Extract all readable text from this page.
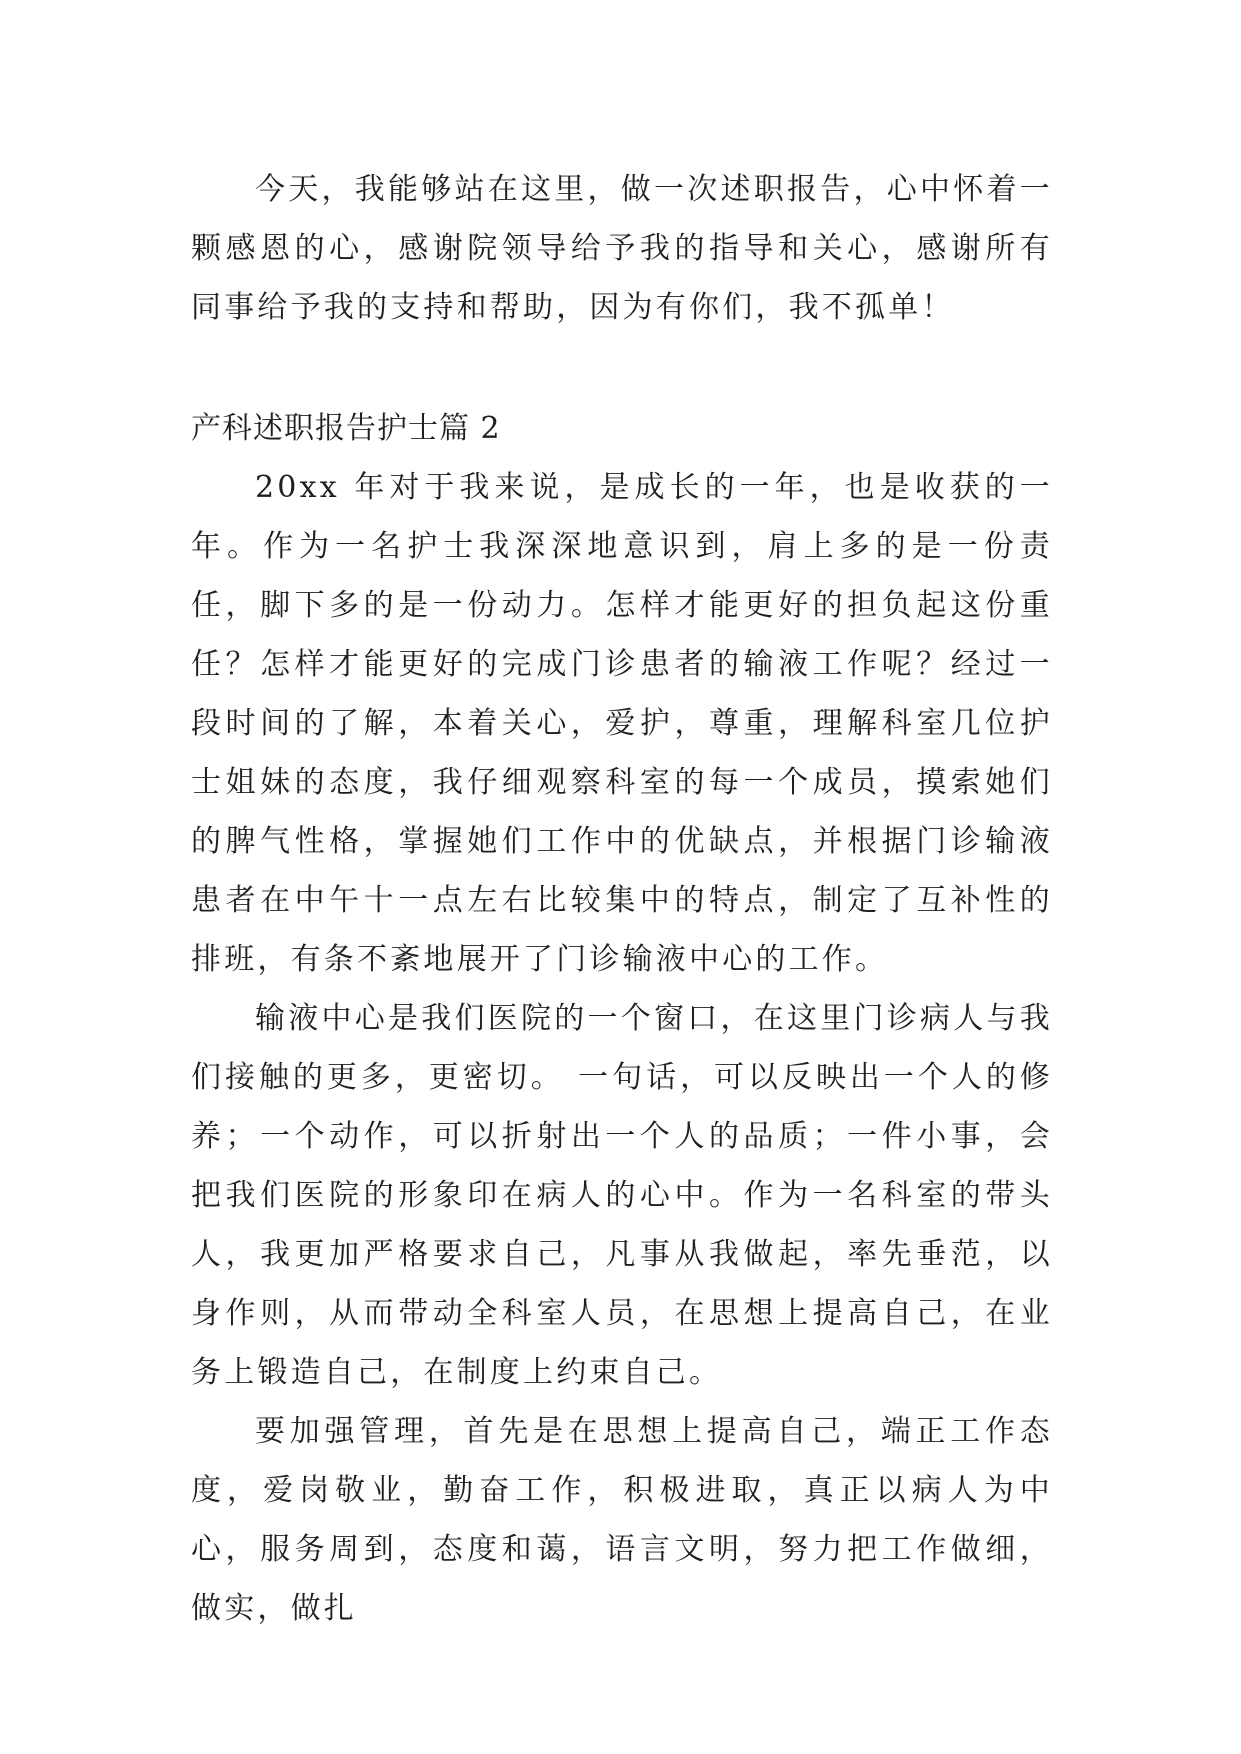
今天，我能够站在这里，做一次述职报告，心中怀着一颗感恩的心，感谢院领导给予我的指导和关心，感谢所有同事给予我的支持和帮助，因为有你们，我不孤单！

产科述职报告护士篇 2

20xx 年对于我来说，是成长的一年，也是收获的一年。作为一名护士我深深地意识到，肩上多的是一份责任，脚下多的是一份动力。怎样才能更好的担负起这份重任？怎样才能更好的完成门诊患者的输液工作呢？经过一段时间的了解，本着关心，爱护，尊重，理解科室几位护士姐妹的态度，我仔细观察科室的每一个成员，摸索她们的脾气性格，掌握她们工作中的优缺点，并根据门诊输液患者在中午十一点左右比较集中的特点，制定了互补性的排班，有条不紊地展开了门诊输液中心的工作。

输液中心是我们医院的一个窗口，在这里门诊病人与我们接触的更多，更密切。 一句话，可以反映出一个人的修养；一个动作，可以折射出一个人的品质；一件小事，会把我们医院的形象印在病人的心中。作为一名科室的带头人，我更加严格要求自己，凡事从我做起，率先垂范，以身作则，从而带动全科室人员，在思想上提高自己，在业务上锻造自己，在制度上约束自己。

要加强管理，首先是在思想上提高自己，端正工作态度，爱岗敬业，勤奋工作，积极进取，真正以病人为中心，服务周到，态度和蔼，语言文明，努力把工作做细，做实，做扎
